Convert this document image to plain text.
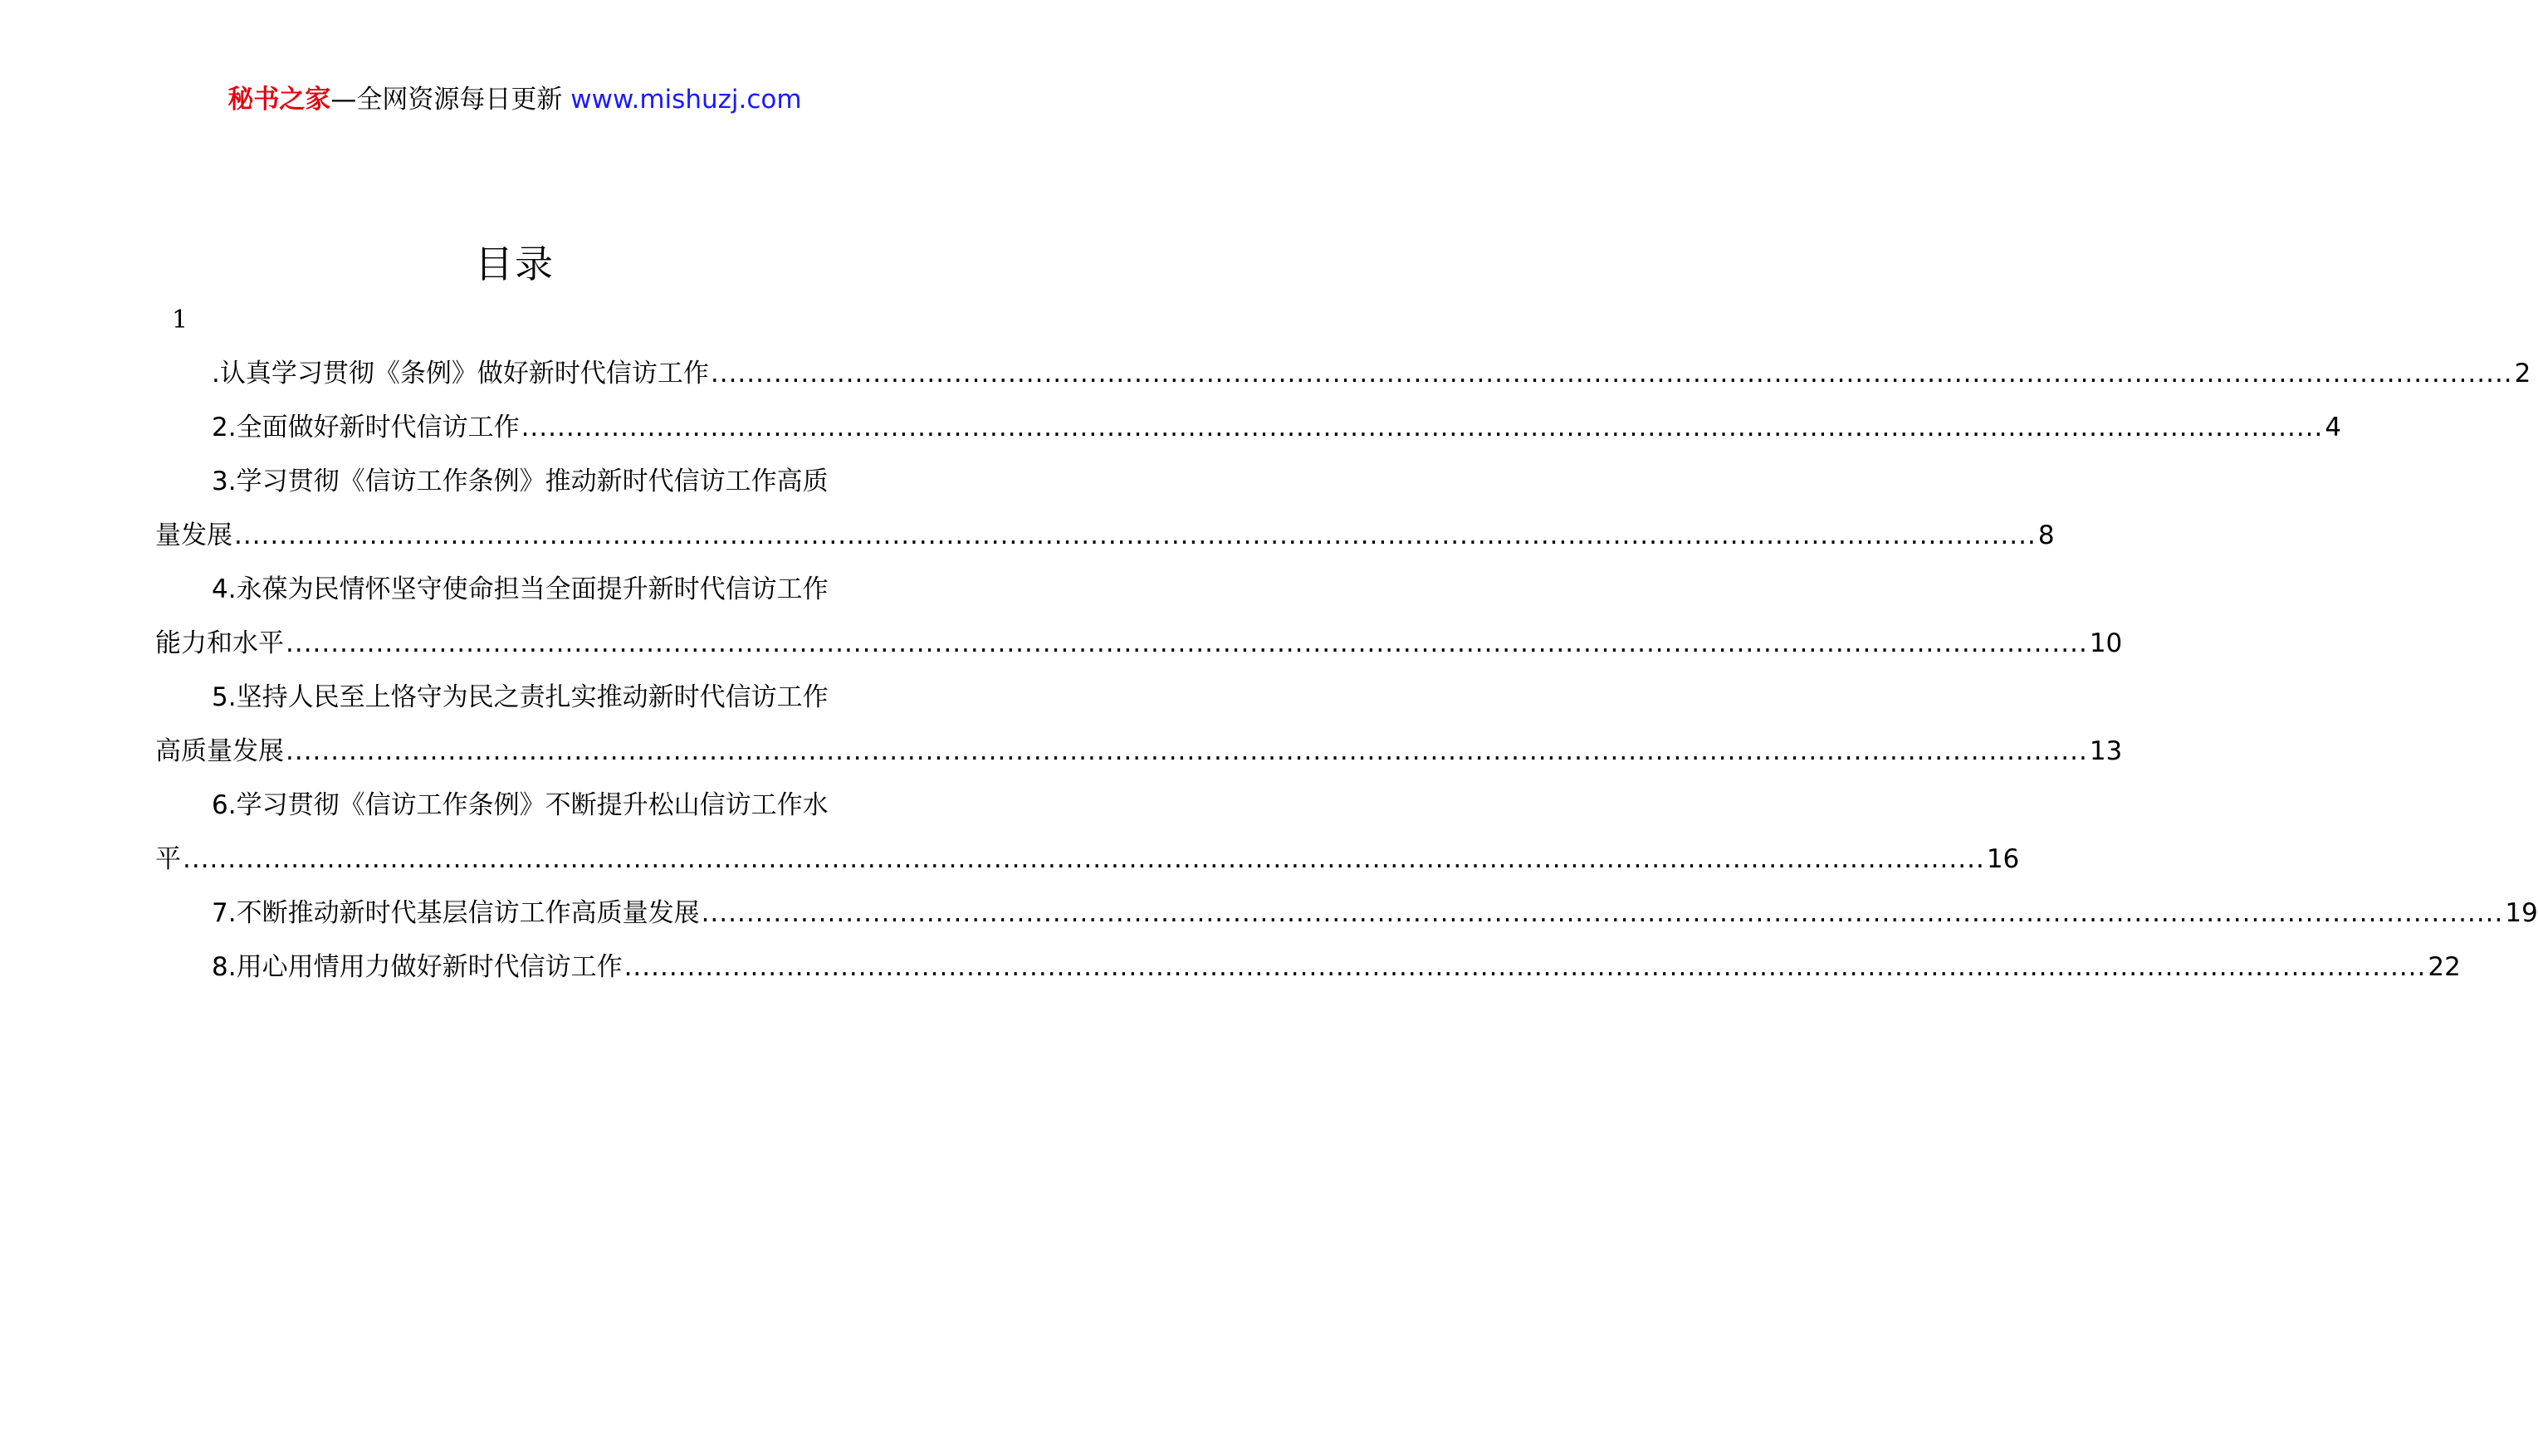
秘书之家—全网资源每日更新 www.mishuzj.com
目录
1
.认真学习贯彻《条例》做好新时代信访工作 ........................................................................................................................................................................................................ 2
2.全面做好新时代信访工作 ........................................................................................................................................................................................................ 4
3.学习贯彻《信访工作条例》推动新时代信访工作高质
量发展 ........................................................................................................................................................................................................ 8
4.永葆为民情怀坚守使命担当全面提升新时代信访工作
能力和水平 ........................................................................................................................................................................................................ 10
5.坚持人民至上恪守为民之责扎实推动新时代信访工作
高质量发展 ........................................................................................................................................................................................................ 13
6.学习贯彻《信访工作条例》不断提升松山信访工作水
平 ........................................................................................................................................................................................................ 16
7.不断推动新时代基层信访工作高质量发展 ........................................................................................................................................................................................................ 19
8.用心用情用力做好新时代信访工作 ........................................................................................................................................................................................................ 22
